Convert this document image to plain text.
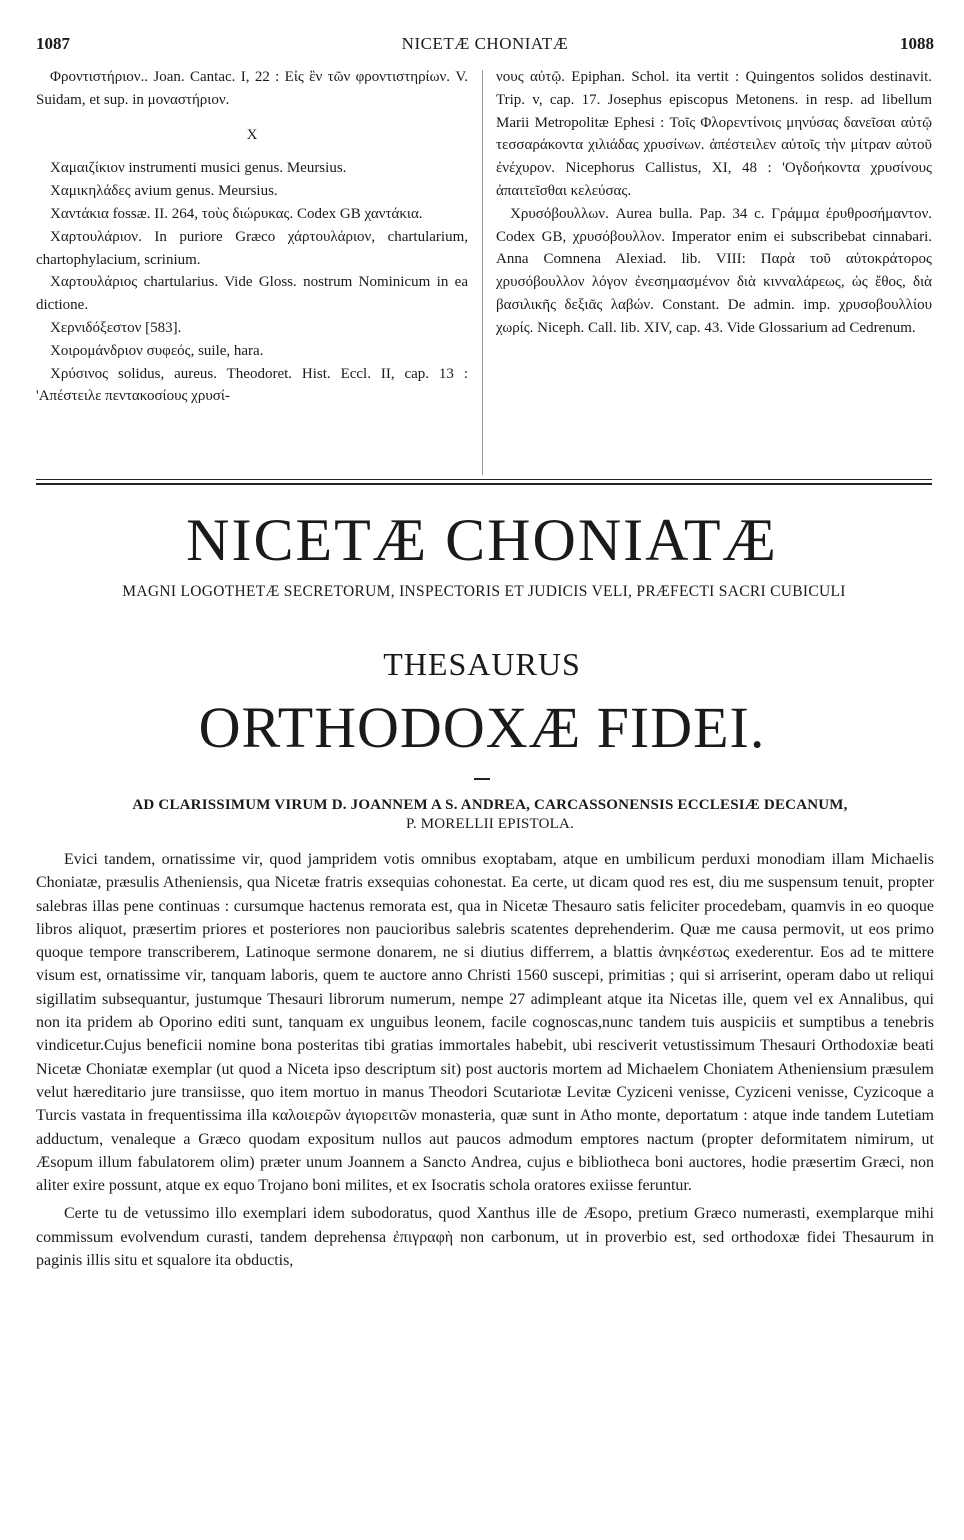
1087	NICETÆ CHONIATÆ	1088

Φροντιστήριον.. Joan. Cantac. I, 22 : Εἰς ἓν τῶν φροντιστηρίων. V. Suidam, et sup. in μοναστήριον.

X

Χαμαιζίκιον instrumenti musici genus. Meursius.

Χαμικηλάδες avium genus. Meursius.

Χαντάκια fossæ. II. 264, τοὺς διώρυκας. Codex GB χαντάκια.

Χαρτουλάριον. In puriore Græco χάρτουλάριον, chartularium, chartophylacium, scrinium.

Χαρτουλάριος chartularius. Vide Gloss. nostrum Nominicum in ea dictione.

Χερνιδόξεστον [583].

Χοιρομάνδριον συφεός, suile, hara.

Χρύσινος solidus, aureus. Theodoret. Hist. Eccl. II, cap. 13 : 'Απέστειλε πεντακοσίους χρυσί-

νους αὐτῷ. Epiphan. Schol. ita vertit : Quingentos solidos destinavit. Trip. v, cap. 17. Josephus episcopus Metonens. in resp. ad libellum Marii Metropolitæ Ephesi : Τοῖς Φλορεντίνοις μηνύσας δανεῖσαι αὐτῷ τεσσαράκοντα χιλιάδας χρυσίνων. ἀπέστειλεν αὐτοῖς τὴν μίτραν αὐτοῦ ἐνέχυρον. Nicephorus Callistus, XI, 48 : 'Ογδοήκοντα χρυσίνους ἀπαιτεῖσθαι κελεύσας.

Χρυσόβουλλων. Aurea bulla. Pap. 34 c. Γράμμα ἐρυθροσήμαντον. Codex GB, χρυσόβουλλον. Imperator enim ei subscribebat cinnabari. Anna Comnena Alexiad. lib. VIII: Παρὰ τοῦ αὐτοκράτορος χρυσόβουλλον λόγον ἐνεσημασμένον διὰ κινναλάρεως, ὡς ἔθος, διὰ βασιλικῆς δεξιᾶς λαβών. Constant. De admin. imp. χρυσοβουλλίου χωρίς. Niceph. Call. lib. XIV, cap. 43. Vide Glossarium ad Cedrenum.

NICETÆ CHONIATÆ
MAGNI LOGOTHETÆ SECRETORUM, INSPECTORIS ET JUDICIS VELI, PRÆFECTI SACRI CUBICULI
THESAURUS
ORTHODOXÆ FIDEI.
AD CLARISSIMUM VIRUM D. JOANNEM A S. ANDREA, CARCASSONENSIS ECCLESIÆ DECANUM,
P. MORELLII EPISTOLA.

Evici tandem, ornatissime vir, quod jampridem votis omnibus exoptabam, atque en umbilicum perduxi monodiam illam Michaelis Choniatæ, præsulis Atheniensis, qua Nicetæ fratris exsequias cohonestat. Ea certe, ut dicam quod res est, diu me suspensum tenuit, propter salebras illas pene continuas : cursumque hactenus remorata est, qua in Nicetæ Thesauro satis feliciter procedebam, quamvis in eo quoque libros aliquot, præsertim priores et posteriores non paucioribus salebris scatentes deprehenderim. Quæ me causa permovit, ut eos primo quoque tempore transcriberem, Latinoque sermone donarem, ne si diutius differrem, a blattis ἀνηκέστως exederentur. Eos ad te mittere visum est, ornatissime vir, tanquam laboris, quem te auctore anno Christi 1560 suscepi, primitias ; qui si arriserint, operam dabo ut reliqui sigillatim subsequantur, justumque Thesauri librorum numerum, nempe 27 adimpleant atque ita Nicetas ille, quem vel ex Annalibus, qui non ita pridem ab Oporino editi sunt, tanquam ex unguibus leonem, facile cognoscas,nunc tandem tuis auspiciis et sumptibus a tenebris vindicetur.Cujus beneficii nomine bona posteritas tibi gratias immortales habebit, ubi resciverit vetustissimum Thesauri Orthodoxiæ beati Nicetæ Choniatæ exemplar (ut quod a Niceta ipso descriptum sit) post auctoris mortem ad Michaelem Choniatem Atheniensium præsulem velut hæreditario jure transiisse, quo item mortuo in manus Theodori Scutariotæ Levitæ Cyziceni venisse, Cyziceni venisse, Cyzicoque a Turcis vastata in frequentissima illa καλοιερῶν ἁγιορειτῶν monasteria, quæ sunt in Atho monte, deportatum : atque inde tandem Lutetiam adductum, venaleque a Græco quodam expositum nullos aut paucos admodum emptores nactum (propter deformitatem nimirum, ut Æsopum illum fabulatorem olim) præter unum Joannem a Sancto Andrea, cujus e bibliotheca boni auctores, hodie præsertim Græci, non aliter exire possunt, atque ex equo Trojano boni milites, et ex Isocratis schola oratores exiisse feruntur.

Certe tu de vetussimo illo exemplari idem subodoratus, quod Xanthus ille de Æsopo, pretium Græco numerasti, exemplarque mihi commissum evolvendum curasti, tandem deprehensa ἐπιγραφὴ non carbonum, ut in proverbio est, sed orthodoxæ fidei Thesaurum in paginis illis situ et squalore ita obductis,
